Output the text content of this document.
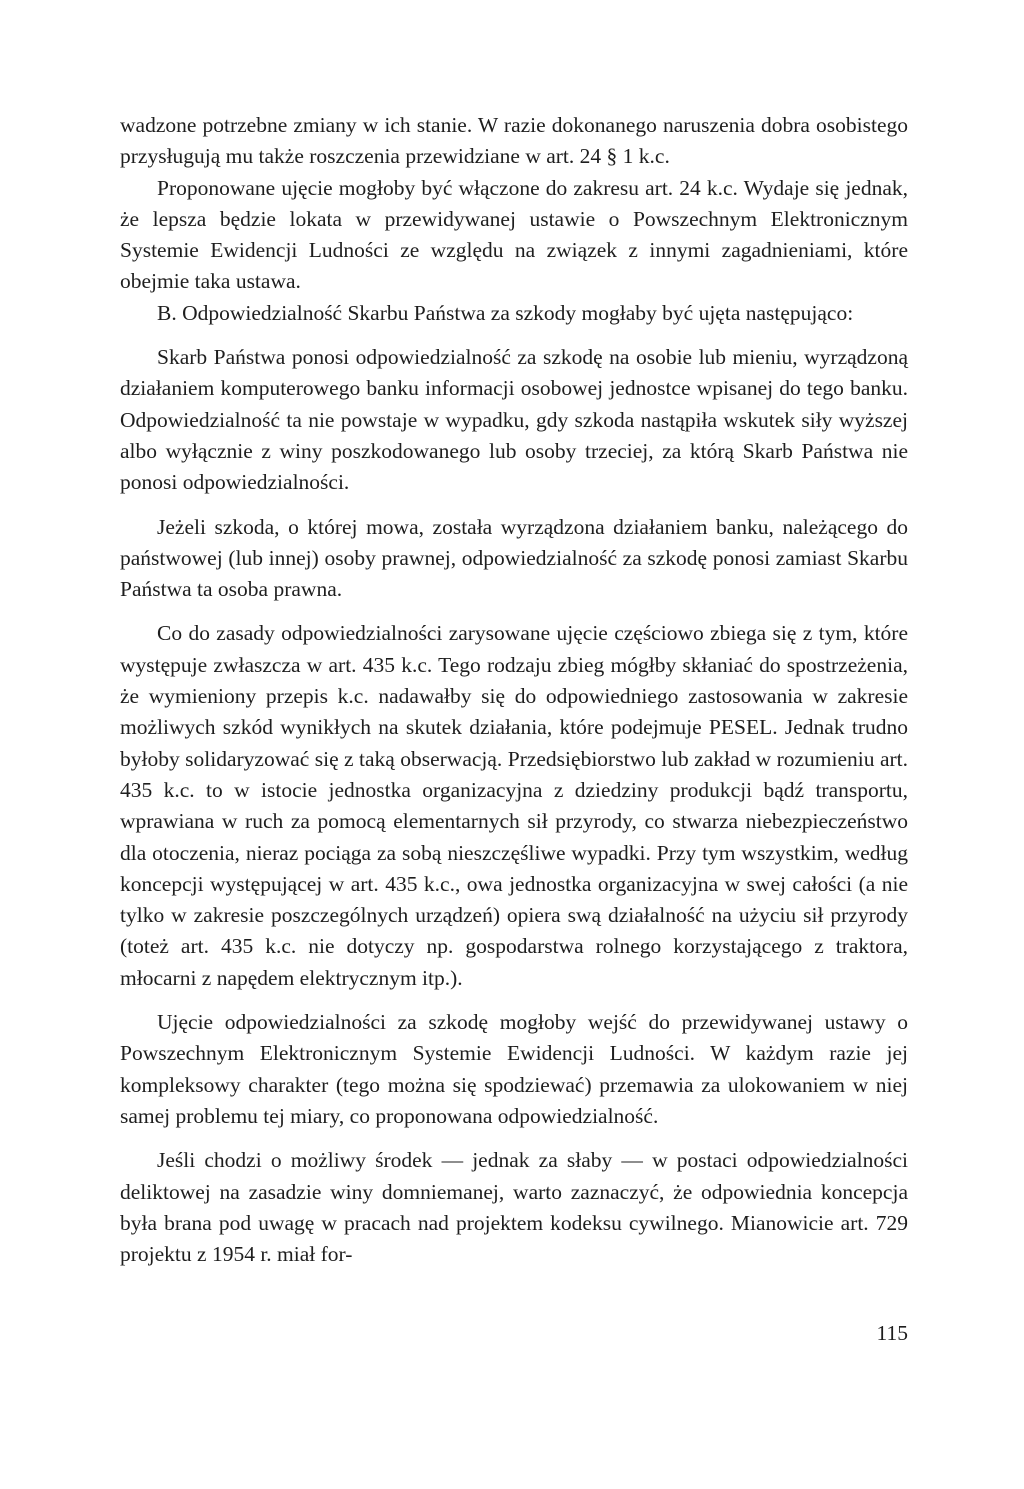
wadzone potrzebne zmiany w ich stanie. W razie dokonanego naruszenia dobra osobistego przysługują mu także roszczenia przewidziane w art. 24 § 1 k.c.

Proponowane ujęcie mogłoby być włączone do zakresu art. 24 k.c. Wydaje się jednak, że lepsza będzie lokata w przewidywanej ustawie o Powszechnym Elektronicznym Systemie Ewidencji Ludności ze względu na związek z innymi zagadnieniami, które obejmie taka ustawa.

B. Odpowiedzialność Skarbu Państwa za szkody mogłaby być ujęta następująco:

Skarb Państwa ponosi odpowiedzialność za szkodę na osobie lub mieniu, wyrządzoną działaniem komputerowego banku informacji osobowej jednostce wpisanej do tego banku. Odpowiedzialność ta nie powstaje w wypadku, gdy szkoda nastąpiła wskutek siły wyższej albo wyłącznie z winy poszkodowanego lub osoby trzeciej, za którą Skarb Państwa nie ponosi odpowiedzialności.

Jeżeli szkoda, o której mowa, została wyrządzona działaniem banku, należącego do państwowej (lub innej) osoby prawnej, odpowiedzialność za szkodę ponosi zamiast Skarbu Państwa ta osoba prawna.

Co do zasady odpowiedzialności zarysowane ujęcie częściowo zbiega się z tym, które występuje zwłaszcza w art. 435 k.c. Tego rodzaju zbieg mógłby skłaniać do spostrzeżenia, że wymieniony przepis k.c. nadawałby się do odpowiedniego zastosowania w zakresie możliwych szkód wynikłych na skutek działania, które podejmuje PESEL. Jednak trudno byłoby solidaryzować się z taką obserwacją. Przedsiębiorstwo lub zakład w rozumieniu art. 435 k.c. to w istocie jednostka organizacyjna z dziedziny produkcji bądź transportu, wprawiana w ruch za pomocą elementarnych sił przyrody, co stwarza niebezpieczeństwo dla otoczenia, nieraz pociąga za sobą nieszczęśliwe wypadki. Przy tym wszystkim, według koncepcji występującej w art. 435 k.c., owa jednostka organizacyjna w swej całości (a nie tylko w zakresie poszczególnych urządzeń) opiera swą działalność na użyciu sił przyrody (toteż art. 435 k.c. nie dotyczy np. gospodarstwa rolnego korzystającego z traktora, młocarni z napędem elektrycznym itp.).

Ujęcie odpowiedzialności za szkodę mogłoby wejść do przewidywanej ustawy o Powszechnym Elektronicznym Systemie Ewidencji Ludności. W każdym razie jej kompleksowy charakter (tego można się spodziewać) przemawia za ulokowaniem w niej samej problemu tej miary, co proponowana odpowiedzialność.

Jeśli chodzi o możliwy środek — jednak za słaby — w postaci odpowiedzialności deliktowej na zasadzie winy domniemanej, warto zaznaczyć, że odpowiednia koncepcja była brana pod uwagę w pracach nad projektem kodeksu cywilnego. Mianowicie art. 729 projektu z 1954 r. miał for-

115
